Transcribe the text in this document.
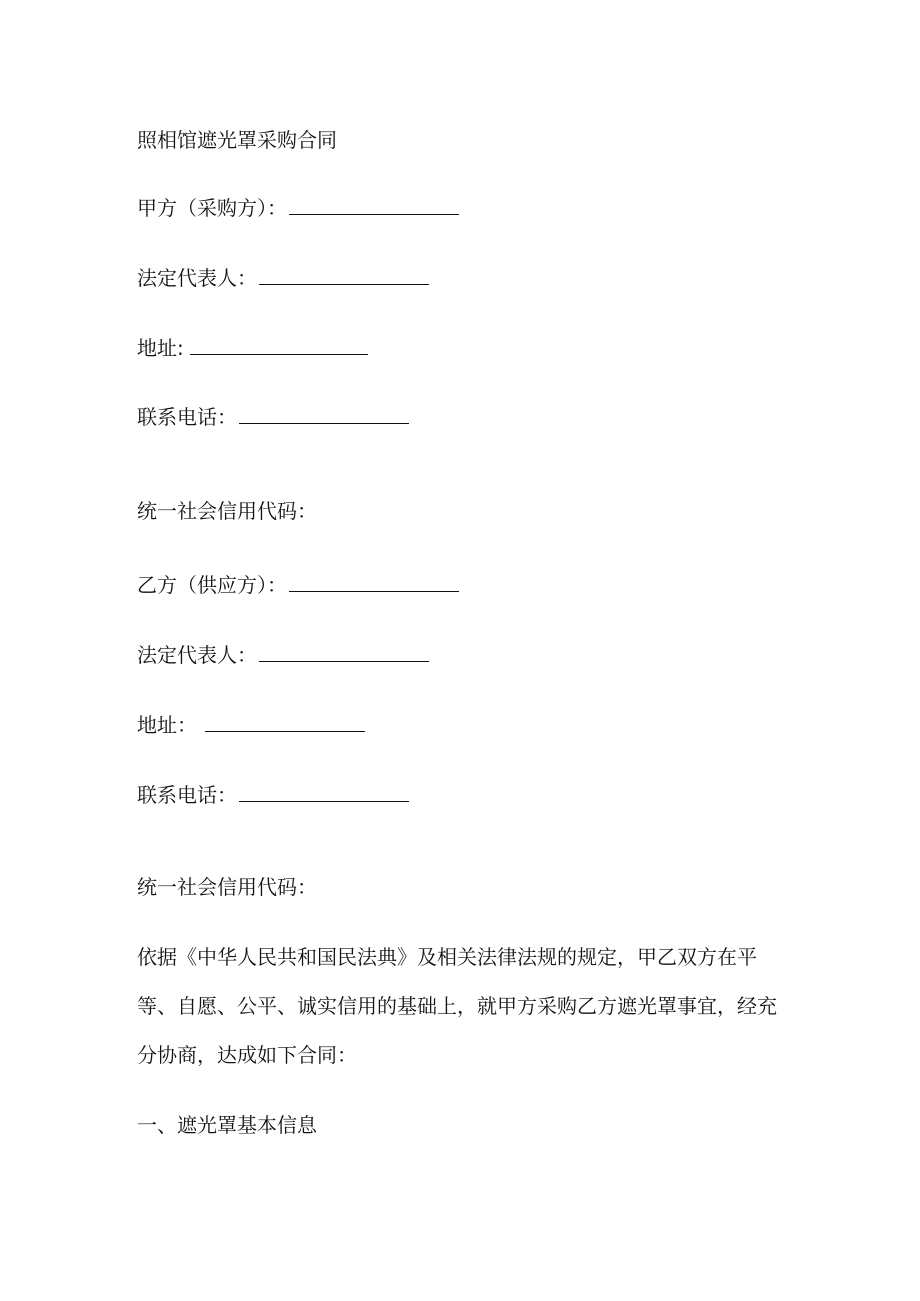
照相馆遮光罩采购合同
甲方（采购方）：
法定代表人：
地址:
联系电话：
统一社会信用代码：
乙方（供应方）：
法定代表人：
地址：
联系电话：
统一社会信用代码：
依据《中华人民共和国民法典》及相关法律法规的规定，甲乙双方在平
等、自愿、公平、诚实信用的基础上，就甲方采购乙方遮光罩事宜，经充
分协商，达成如下合同：
一、遮光罩基本信息
